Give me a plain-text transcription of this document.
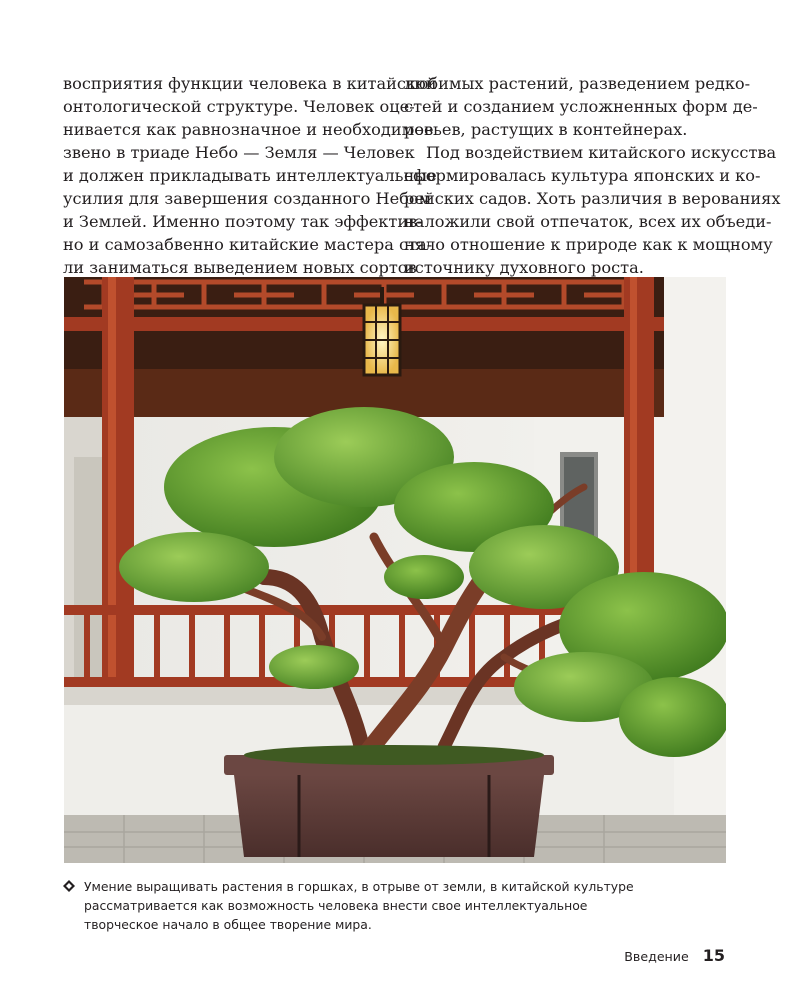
восприятия функции человека в китайской
онтологической структуре. Человек оце-
нивается как равнозначное и необходимое
звено в триаде Небо — Земля — Человек
и должен прикладывать интеллектуальные
усилия для завершения созданного Небом
и Землей. Именно поэтому так эффектив-
но и самозабвенно китайские мастера ста-
ли заниматься выведением новых сортов

любимых растений, разведением редко-
стей и созданием усложненных форм де-
ревьев, растущих в контейнерах.

Под воздействием китайского искусства
сформировалась культура японских и ко-
рейских садов. Хоть различия в верованиях
наложили свой отпечаток, всех их объеди-
няло отношение к природе как к мощному
источнику духовного роста.

Умение выращивать растения в горшках, в отрыве от земли, в китайской культуре
рассматривается как возможность человека внести свое интеллектуальное
творческое начало в общее творение мира.
Введение 15
